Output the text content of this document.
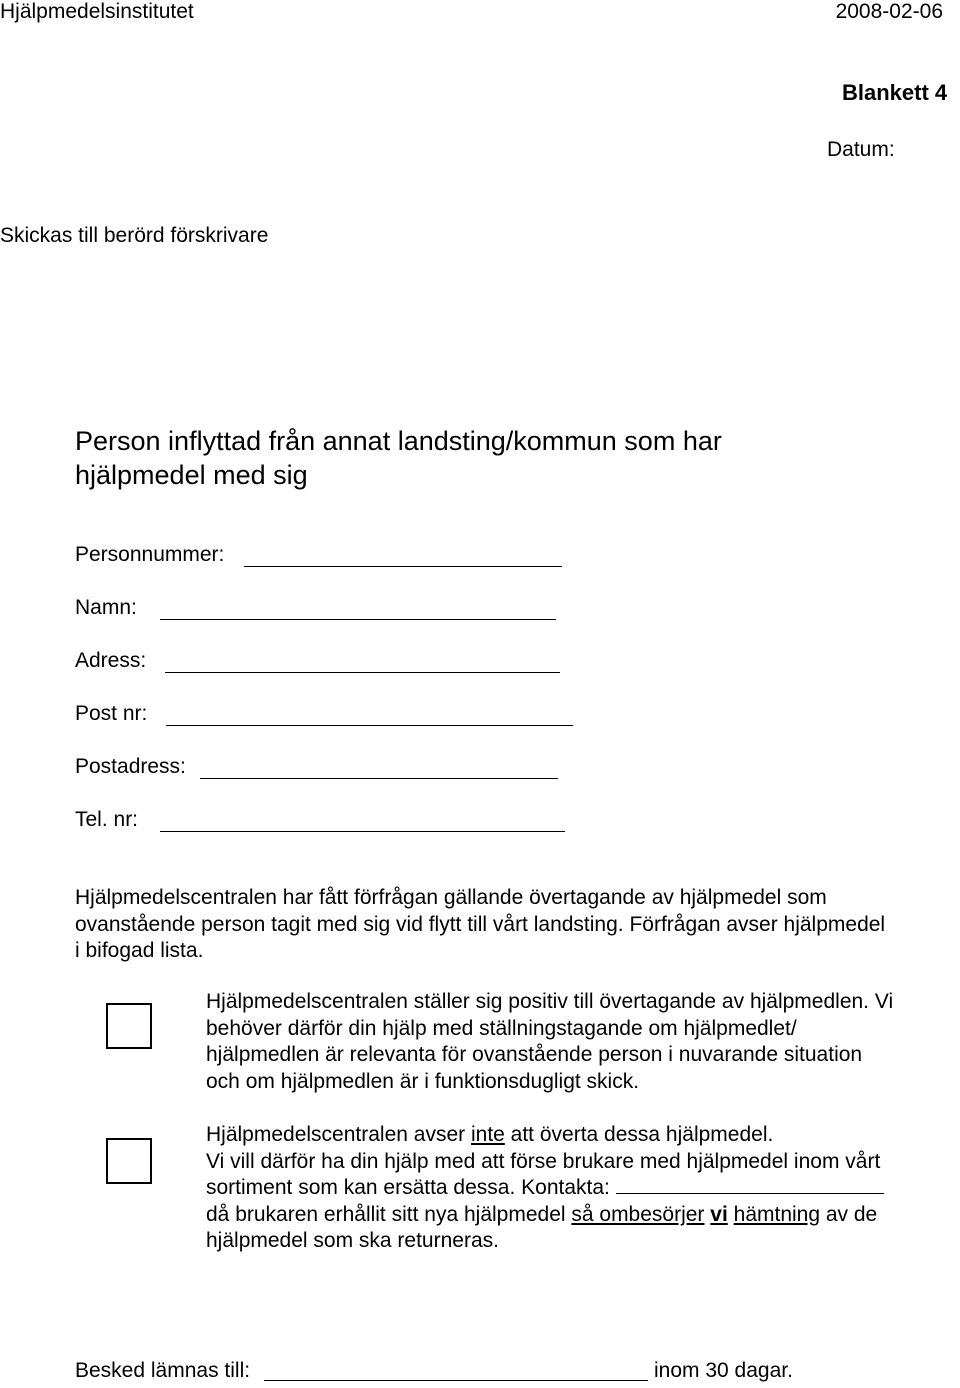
Hjälpmedelsinstitutet	2008-02-06
Blankett 4
Datum:
Skickas till berörd förskrivare
Person inflyttad från annat landsting/kommun som har
hjälpmedel med sig
Personnummer:
Namn:
Adress:
Post nr:
Postadress:
Tel. nr:
Hjälpmedelscentralen har fått förfrågan gällande övertagande av hjälpmedel som
ovanstående person tagit med sig vid flytt till vårt landsting. Förfrågan avser hjälpmedel
i bifogad lista.
Hjälpmedelscentralen ställer sig positiv till övertagande av hjälpmedlen. Vi
behöver därför din hjälp med ställningstagande om hjälpmedlet/
hjälpmedlen är relevanta för ovanstående person i nuvarande situation
och om hjälpmedlen är i funktionsdugligt skick.
Hjälpmedelscentralen avser inte att överta dessa hjälpmedel.
Vi vill därför ha din hjälp med att förse brukare med hjälpmedel inom vårt
sortiment som kan ersätta dessa. Kontakta:
då brukaren erhållit sitt nya hjälpmedel så ombesörjer vi hämtning av de
hjälpmedel som ska returneras.
Besked lämnas till:	inom 30 dagar.
